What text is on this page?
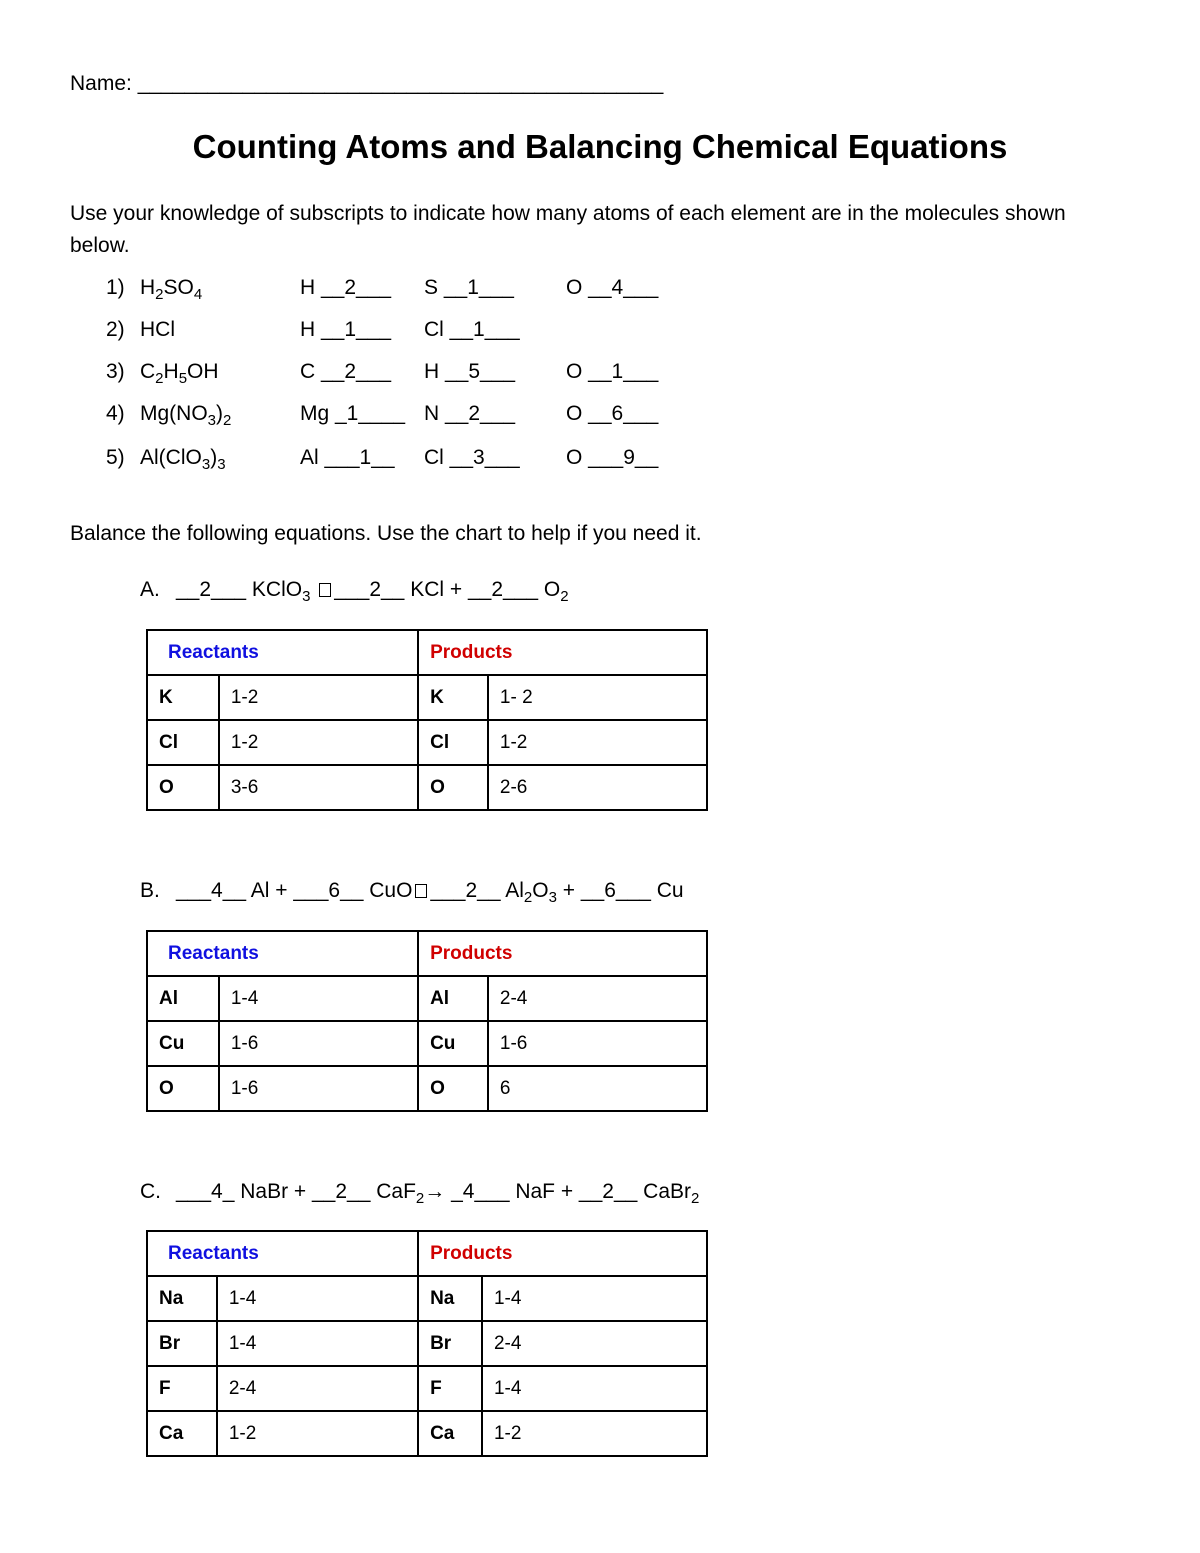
Name: _____________________________________________
Counting Atoms and Balancing Chemical Equations
Use your knowledge of subscripts to indicate how many atoms of each element are in the molecules shown below.
1) $H_2SO_4$	H __2___ S __1___ O __4___
2) HCl	H __1___ Cl __1___
3) $C_2H_5OH$	C __2___ H __5___ O __1___
4) $Mg(NO_3)_2$	Mg _1____ N __2___ O __6___
5) $Al(ClO_3)_3$	Al ___1__ Cl __3___ O ___9__
Balance the following equations. Use the chart to help if you need it.
A. __2___ KClO$_3$ ___2__ KCl + __2___ $O_2$
Reactants		Products	
K	1-2	K	1- 2
Cl	1-2	Cl	1-2
O	3-6	O	2-6
B. ___4__ Al + ___6__ CuO ___2__ $Al_2O_3$ + __6___ Cu
Reactants		Products	
Al	1-4	Al	2-4
Cu	1-6	Cu	1-6
O	1-6	O	6
C. ___4_ NaBr + __2__ CaF$_2$→ _4___ NaF + __2__ CaBr$_2$
Reactants		Products	
Na	1-4	Na	1-4
Br	1-4	Br	2-4
F	2-4	F	1-4
Ca	1-2	Ca	1-2
